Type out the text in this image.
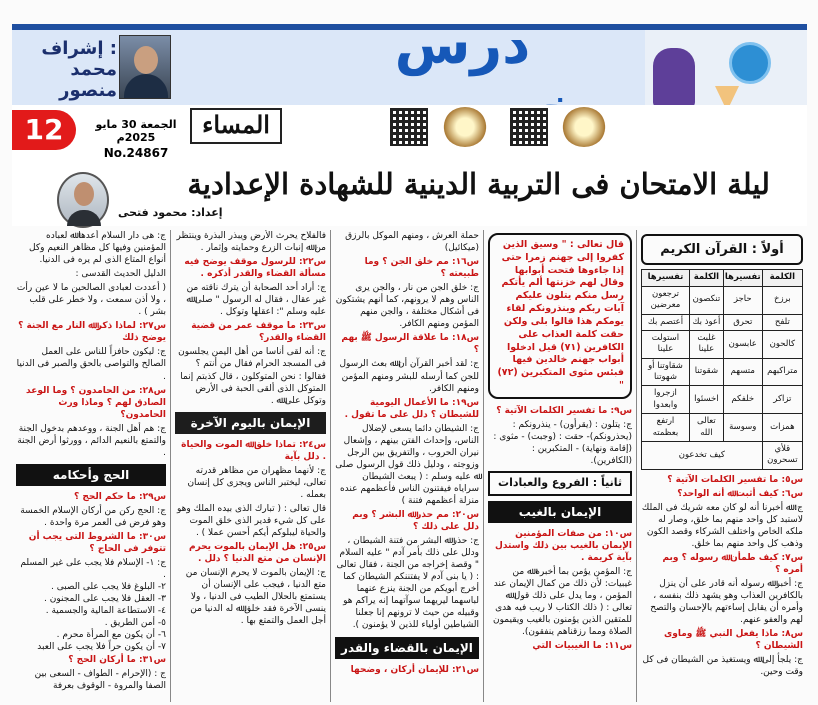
درس
إشراف :
محمد منصور
12	الجمعة 30 مايو 2025م
No.24867
المساء
إعداد: محمود فتحى
ليلة الامتحان فى التربية الدينية للشهادة الإعدادية
أولاً : القرآن الكريم
الكلمة	تفسيرها	الكلمة	تفسيرها
برزخ	حاجز	تنكصون	ترجعون معرضين
تلفح	تحرق	أعوذ بك	أعتصم بك
كالحون	عابسون	غلبت علينا	استولت علينا
متراكبهم	متسهم	شقوتنا	شقاوتنا أو شهوتنا
تزاكر	خلفكم	اخسئوا	ازجروا وابعدوا
همزات	وسوسة	تعالى الله	ارتفع بعظمته
قلأي تسحرون	كيف تخدعون		

س٥: ما تفسير الكلمات الآتية ؟

س٦: كيف أثبت ﷲ أنه الواحد؟

ج: ﷲ أخبرنا أنه لو كان معه شريك فى الملك لاستبد كل واحد منهم بما خلق، وصار له ملكه الخاص واختلف الشركاء وقصد الكون وذهب كل واحد منهم بما خلق.

س٧: كيف طمأن ﷲ رسوله ؟ وبم أمره ؟

ج: أخبر ﷲ رسوله أنه قادر على أن ينزل بالكافرين العذاب وهو يشهد ذلك بنفسه ، وأمره أن يقابل إساءتهم بالإحسان والتصح لهم والعفو عنهم.

س٨: ماذا يفعل النبي ﷺ وماوى الشيطان ؟

ج: يلجأ إلى ﷲ ويستغيذ من الشيطان فى كل وقت وحين.

قال تعالى : " وسيق الذين كفروا إلى جهنم زمرا حتى إذا جاءوها فتحت أبوابها وقال لهم خزنتها ألم يأتكم رسل منكم يتلون عليكم آيات ربكم وينذرونكم لقاء يومكم هذا قالوا بلى ولكن حقت كلمة العذاب على الكافرين (٧١) قيل ادخلوا أبواب جهنم خالدين فيها فبئس مثوى المتكبرين (٧٢) "

س٩: ما تفسير الكلمات الآتية ؟

ج: يتلون : (يقرأون) - ينذرونكم : (يحذرونكم)- حقت : (وجبت) - مثوى : (إقامة ونهاية) - المتكبرين : (الكافرين).

ثانياً : الفروع والعبادات
الإيمان بالغيب

س١٠: من صفات المؤمنين الإيمان بالغيب بين ذلك واستدل بآية كريمة .

ج: المؤمن يؤمن بما أخبره ﷲ من غيبيات: لأن ذلك من كمال الإيمان عند المؤمن ، وما يدل على ذلك قول ﷲ تعالى : ( ذلك الكتاب لا ريب فيه هدى للمتقين الذين يؤمنون بالغيب ويقيمون الصلاة ومما رزقناهم ينفقون).

س١١: ما الغيبيات التي

حملة العرش ، ومنهم الموكل بالرزق (ميكائيل)

س١٦: مم خلق الجن ؟ وما طبيعته ؟

ج: خلق الجن من نار ، والجن يرى الناس وهم لا يرونهم، كما أنهم يشتكون فى أشكال مختلفة ، والجن منهم المؤمن ومنهم الكافر.

س١٨: ما علاقة الرسول ﷺ بهم ؟

ج: لقد أخبر القرآن أن ﷲ بعث الرسول للجن كما أرسله للبشر ومنهم المؤمن ومنهم الكافر.

س١٩: ما الأعمال اليومية للشيطان ؟ دلل على ما تقول .

ج: الشيطان دائما يسعى لإضلال الناس، وإحداث الفتن بينهم ، وإشعال نيران الحروب ، والتفريق بين الرجل وزوجته ، ودليل ذلك قول الرسول صلى ﷲ عليه وسلم : ( يبعث الشيطان سراياه فيفتنون الناس فأعظمهم عنده منزلة أعظمهم فتنة )

س٢٠: مم حذر ﷲ البشر ؟ وبم دلل على ذلك ؟

ج: حذر ﷲ البشر من فتنة الشيطان ، ودلل على ذلك بأمر آدم " عليه السلام " وقصة إخراجه من الجنة ، فقال تعالى : ( يا بنى آدم لا يفتننكم الشيطان كما أخرج أبويكم من الجنة ينزع عنهما لباسهما ليريهما سوآتهما إنه يراكم هو وقبيله من حيث لا ترونهم إنا جعلنا الشياطين أولياء للذين لا يؤمنون ).

الإيمان بالقضاء والقدر

س٢١: للإيمان أركان ، وضحها

فالفلاح يحرث الأرض ويبذر البذرة وينتظر من ﷲ إنبات الزرع وحمايته وإثمار .

س٢٢: للرسول موقف يوضح فيه مسألة القضاء والقدر أذكره .

ج: أراد أحد الصحابة أن يترك ناقته من غير عقال ، فقال له الرسول " صلى ﷲ عليه وسلم ": اعقلها وتوكل .

س٢٣: ما موقف عمر من قضية القضاء والقدر؟

ج: أنه لقى أناسا من أهل اليمن يجلسون فى المسجد الحرام فقال من أنتم ؟ فقالوا : نحن المتوكلون ، قال كذبتم إنما المتوكل الذى ألقى الحبة فى الأرض وتوكل على ﷲ .

الإيمان باليوم الآخرة

س٢٤: تماذا خلق ﷲ الموت والحياة . دلل بآية

ج: لأنهما مظهران من مظاهر قدرته تعالى، ليختبر الناس ويجزى كل إنسان بعمله .

قال تعالى : ( تبارك الذى بيده الملك وهو على كل شيء قدير الذى خلق الموت والحياة ليبلوكم أيكم أحسن عملا ) .

س٢٥: هل الإيمان بالموت يحرم الإنسان من متع الدنيا ؟ دلل .

ج: الإيمان بالموت لا يحرم الإنسان من متع الدنيا ، فيجب على الإنسان أن يستمتع بالحلال الطيب فى الدنيا ، ولا ينسى الآخرة فقد خلق ﷲ له الدنيا من أجل العمل والتمتع بها .

ج: هى دار السلام أعدها ﷲ لعباده المؤمنين وفيها كل مظاهر النعيم وكل أنواع المتاع الذى لم يره فى الدنيا.

الدليل الحديث القدسى :

( أعددت لعبادى الصالحين ما لا عين رأت ، ولا أذن سمعت ، ولا خطر على قلب بشر ) .

س٢٧: لماذا ذكر ﷲ النار مع الجنة ؟ يوضح ذلك

ج: ليكون حافزاً للناس على العمل الصالح والتواصى بالحق والصبر فى الدنيا .

س٢٨: من الحامدون ؟ وما الوعد الصادق لهم ؟ وماذا ورث الحامدون؟

ج: هم أهل الجنة ، ووعدهم بدخول الجنة والتمتع بالنعيم الدائم ، وورثوا أرض الجنة .

الحج وأحكامه

س٢٩: ما حكم الحج ؟

ج: الحج ركن من أركان الإسلام الخمسة وهو فرض فى العمر مرة واحدة .

س٣٠: ما الشروط التى يجب أن تتوفر فى الحاج ؟

ج: ١- الإسلام فلا يجب على غير المسلم .
٢- البلوغ فلا يجب على الصبى .
٣- العقل فلا يجب على المجنون .
٤- الاستطاعة المالية والجسمية .
٥- أمن الطريق .
٦- أن يكون مع المرأة محرم .
٧- أن يكون حراً فلا يجب على العبد

س٣١: ما أركان الحج ؟

ج : (الإحرام - الطواف - السعى بين الصفا والمروة - الوقوف بعرفة
